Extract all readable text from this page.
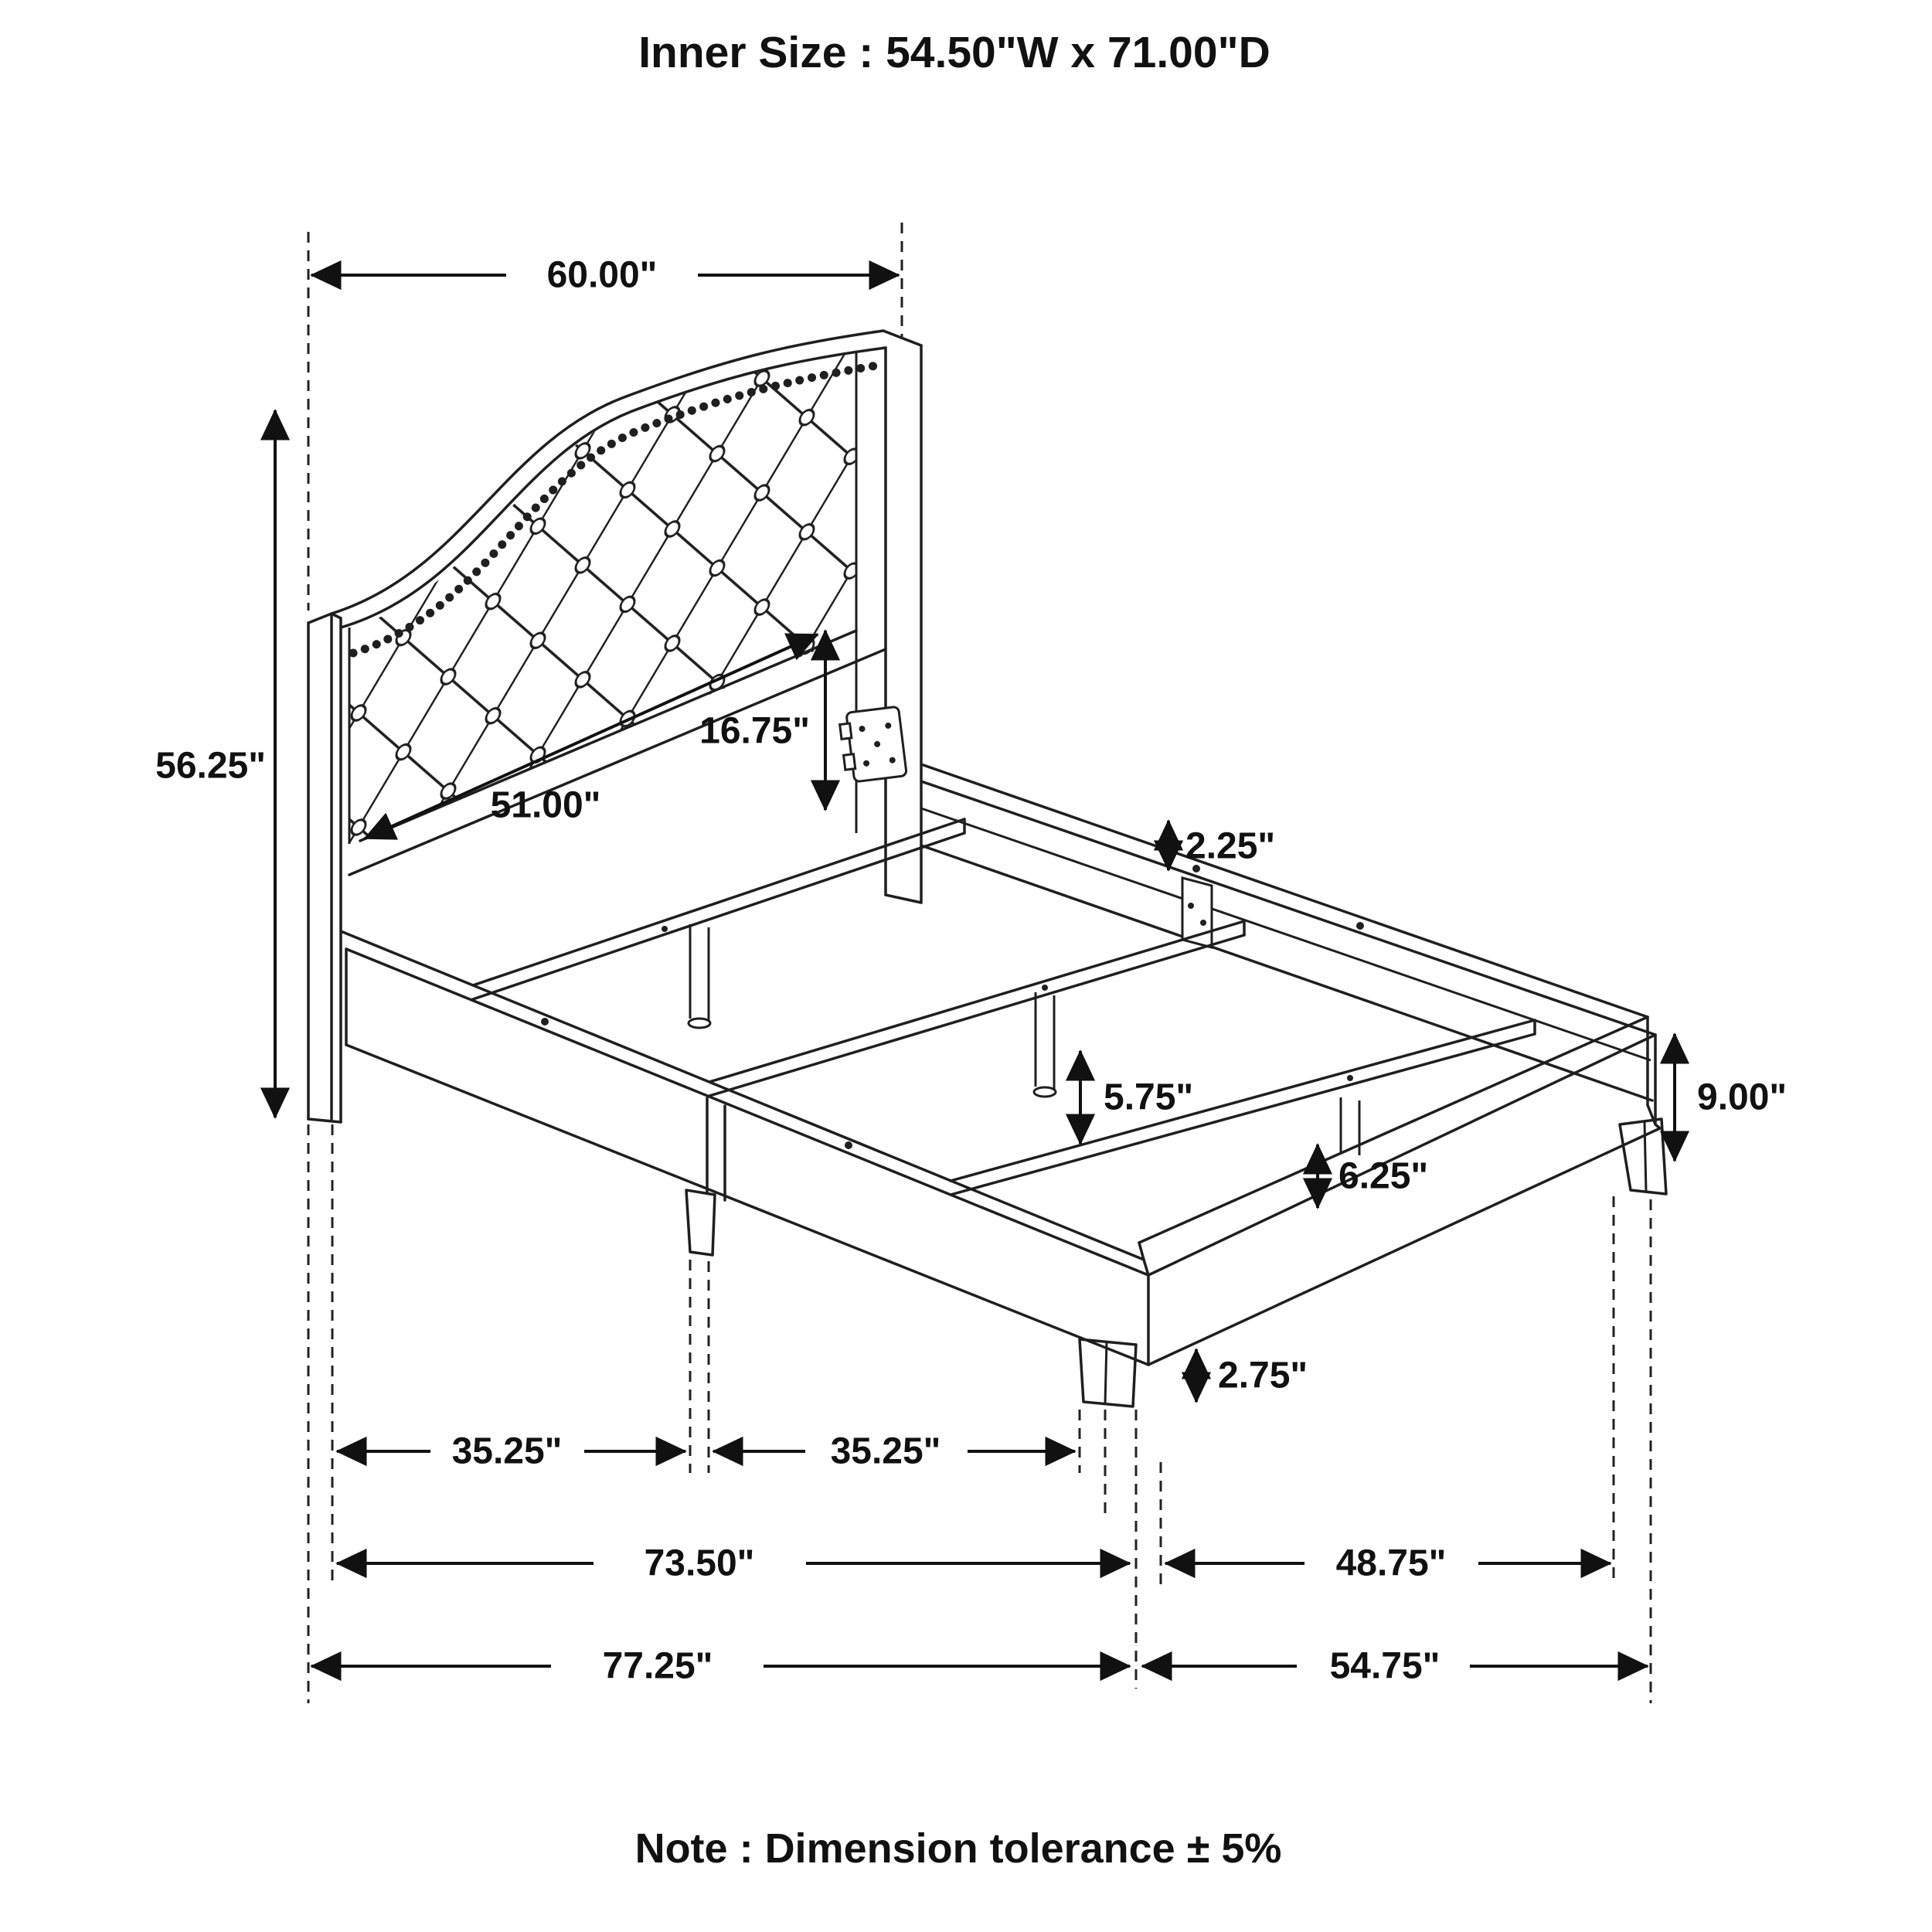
60.00"
56.25"
51.00"
16.75"
2.25"
5.75"	9.00"
6.25"
2.75"
35.25"	35.25"
73.50"	48.75"
77.25"	54.75"
Inner Size : 54.50"W x 71.00"D
Note : Dimension tolerance ± 5%
